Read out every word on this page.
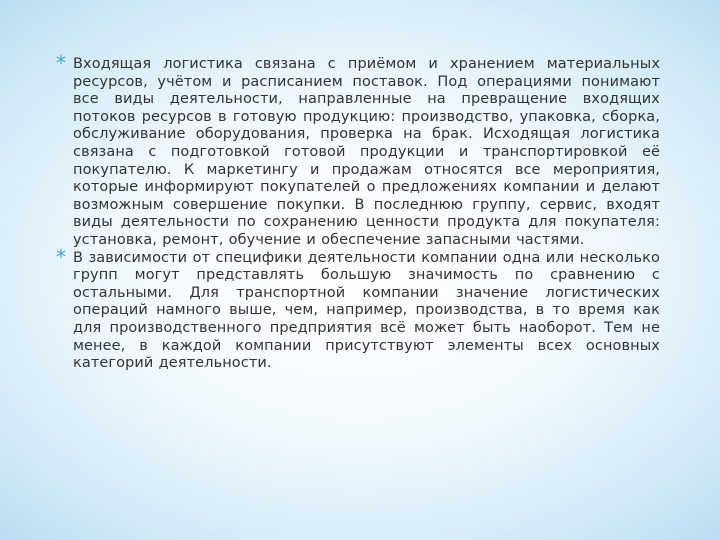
* Входящая логистика связана с приёмом и хранением материальных ресурсов, учётом и расписанием поставок. Под операциями понимают все виды деятельности, направленные на превращение входящих потоков ресурсов в готовую продукцию: производство, упаковка, сборка, обслуживание оборудования, проверка на брак. Исходящая логистика связана с подготовкой готовой продукции и транспортировкой её покупателю. К маркетингу и продажам относятся все мероприятия, которые информируют покупателей о предложениях компании и делают возможным совершение покупки. В последнюю группу, сервис, входят виды деятельности по сохранению ценности продукта для покупателя: установка, ремонт, обучение и обеспечение запасными частями.
* В зависимости от специфики деятельности компании одна или несколько групп могут представлять большую значимость по сравнению с остальными. Для транспортной компании значение логистических операций намного выше, чем, например, производства, в то время как для производственного предприятия всё может быть наоборот. Тем не менее, в каждой компании присутствуют элементы всех основных категорий деятельности.
